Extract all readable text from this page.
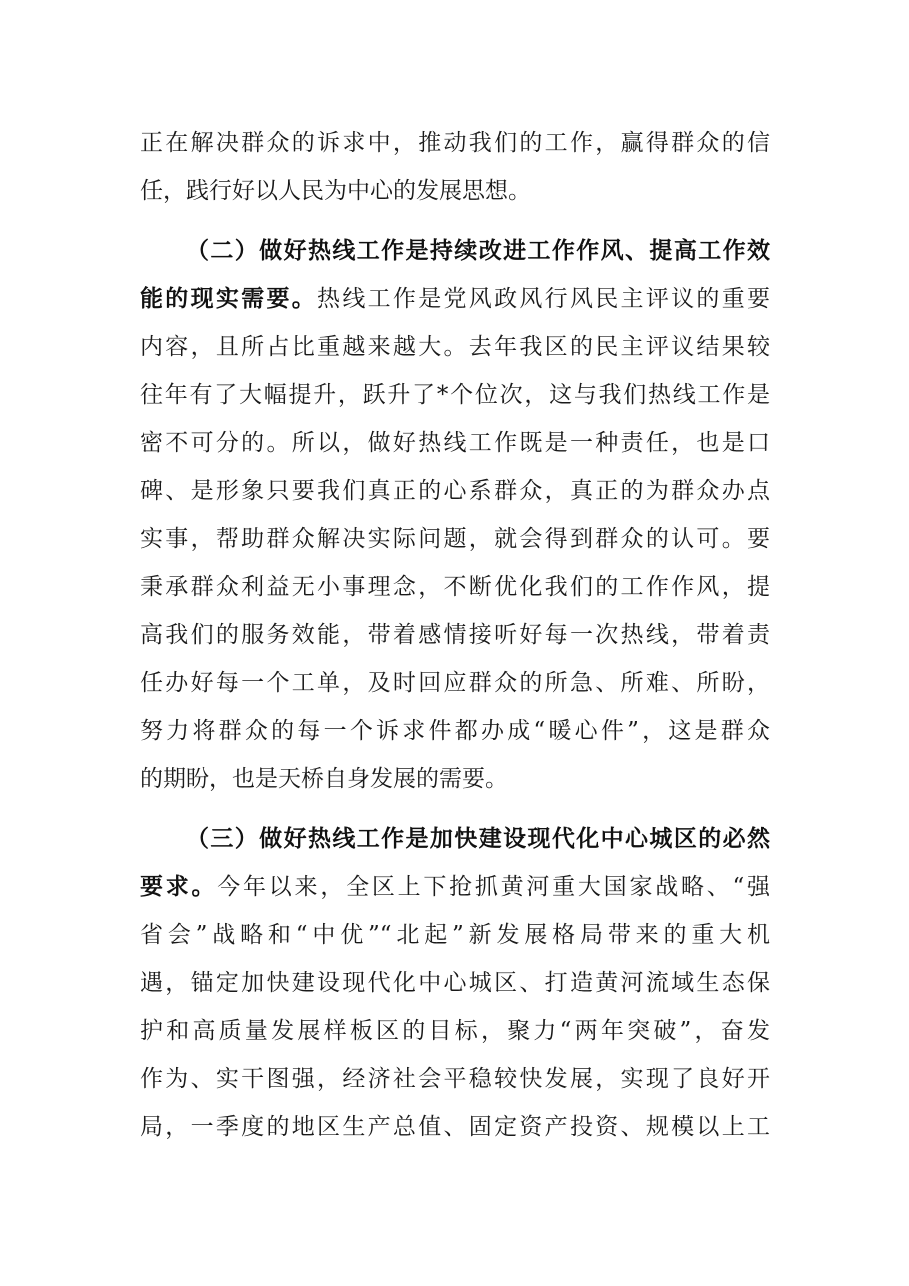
正在解决群众的诉求中，推动我们的工作，赢得群众的信
任，践行好以人民为中心的发展思想。
（二）做好热线工作是持续改进工作作风、提高工作效
能的现实需要。热线工作是党风政风行风民主评议的重要
内容，且所占比重越来越大。去年我区的民主评议结果较
往年有了大幅提升，跃升了*个位次，这与我们热线工作是
密不可分的。所以，做好热线工作既是一种责任，也是口
碑、是形象只要我们真正的心系群众，真正的为群众办点
实事，帮助群众解决实际问题，就会得到群众的认可。要
秉承群众利益无小事理念，不断优化我们的工作作风，提
高我们的服务效能，带着感情接听好每一次热线，带着责
任办好每一个工单，及时回应群众的所急、所难、所盼，
努力将群众的每一个诉求件都办成“暖心件”，这是群众
的期盼，也是天桥自身发展的需要。
（三）做好热线工作是加快建设现代化中心城区的必然
要求。今年以来，全区上下抢抓黄河重大国家战略、“强
省会”战略和“中优”“北起”新发展格局带来的重大机
遇，锚定加快建设现代化中心城区、打造黄河流域生态保
护和高质量发展样板区的目标，聚力“两年突破”，奋发
作为、实干图强，经济社会平稳较快发展，实现了良好开
局，一季度的地区生产总值、固定资产投资、规模以上工
